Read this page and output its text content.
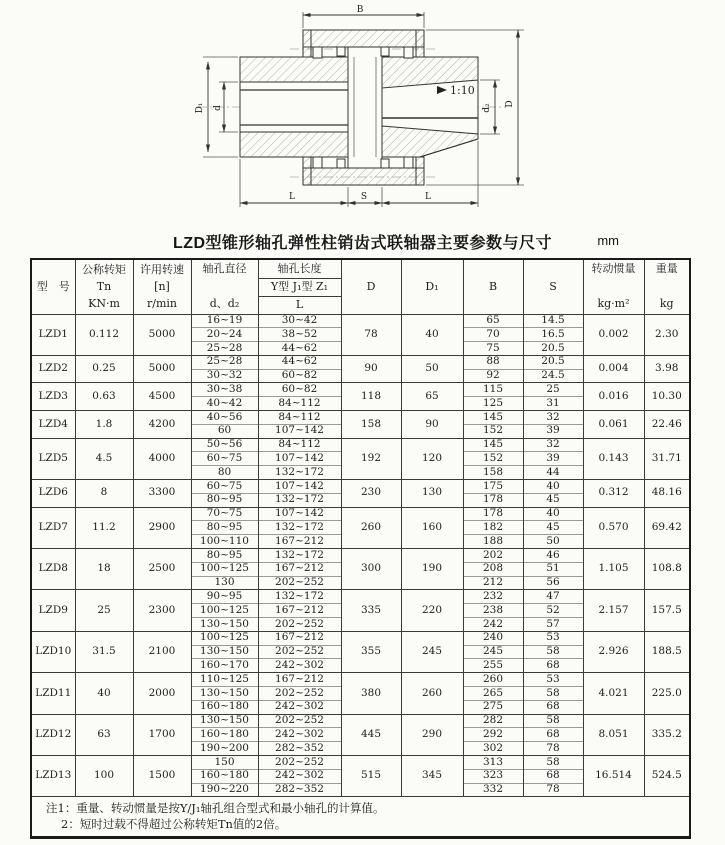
1:10
B
D
d₂
D₁ d
L	S	L
LZD型锥形轴孔弹性柱销齿式联轴器主要参数与尺寸	mm
型　号	
公称转矩
Tn
KN·m

许用转速
[n]
r/min

轴孔直径
d、d₂
	轴孔长度	D	D₁	B	S	
转动惯量
kg·m²

重量
kg

				Y型 J₁型 Z₁						
				L						
LZD1	0.112	5000	16~19	30~42	78	40	65	14.5	0.002	2.30
			20~24	38~52			70	16.5		
			25~28	44~62			75	20.5		
LZD2	0.25	5000	25~28	44~62	90	50	88	20.5	0.004	3.98
			30~32	60~82			92	24.5		
LZD3	0.63	4500	30~38	60~82	118	65	115	25	0.016	10.30
			40~42	84~112			125	31		
LZD4	1.8	4200	40~56	84~112	158	90	145	32	0.061	22.46
			60	107~142			152	39		
LZD5	4.5	4000	50~56	84~112	192	120	145	32	0.143	31.71
			60~75	107~142			152	39		
			80	132~172			158	44		
LZD6	8	3300	60~75	107~142	230	130	175	40	0.312	48.16
			80~95	132~172			178	45		
LZD7	11.2	2900	70~75	107~142	260	160	178	40	0.570	69.42
			80~95	132~172			182	45		
			100~110	167~212			188	50		
LZD8	18	2500	80~95	132~172	300	190	202	46	1.105	108.8
			100~125	167~212			208	51		
			130	202~252			212	56		
LZD9	25	2300	90~95	132~172	335	220	232	47	2.157	157.5
			100~125	167~212			238	52		
			130~150	202~252			242	57		
LZD10	31.5	2100	100~125	167~212	355	245	240	53	2.926	188.5
			130~150	202~252			245	58		
			160~170	242~302			255	68		
LZD11	40	2000	110~125	167~212	380	260	260	53	4.021	225.0
			130~150	202~252			265	58		
			160~180	242~302			275	68		
LZD12	63	1700	130~150	202~252	445	290	282	58	8.051	335.2
			160~180	242~302			292	68		
			190~200	282~352			302	78		
LZD13	100	1500	150	202~252	515	345	313	58	16.514	524.5
			160~180	242~302			323	68		
			190~220	282~352			332	78		

注1：重量、转动惯量是按Y/J₁轴孔组合型式和最小轴孔的计算值。
2：短时过载不得超过公称转矩Tn值的2倍。										
